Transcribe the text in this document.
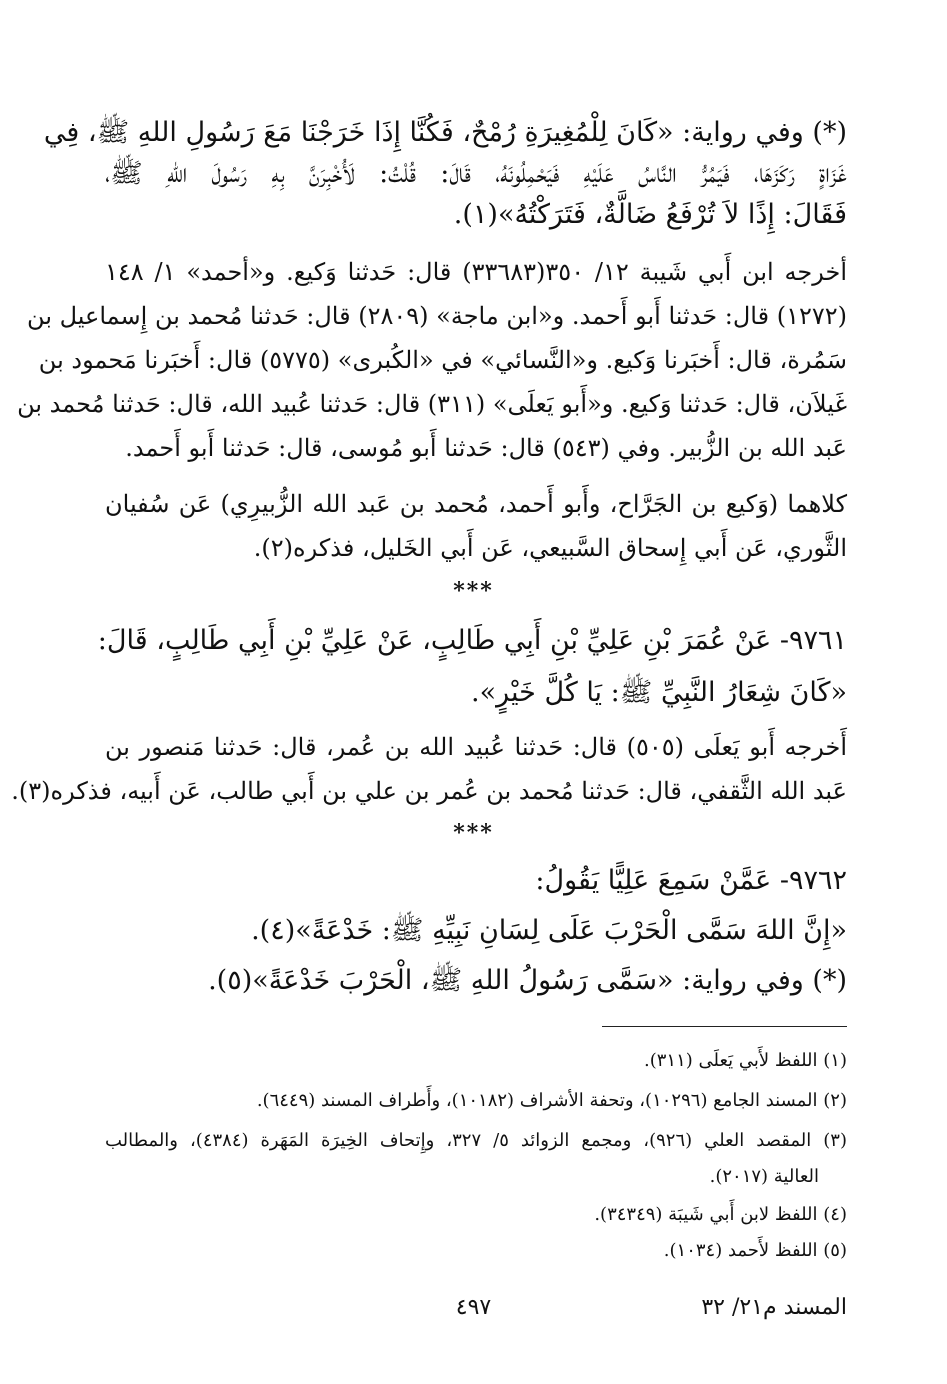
(*) وفي رواية: «كَانَ لِلْمُغِيرَةِ رُمْحٌ، فَكُنَّا إِذَا خَرَجْنَا مَعَ رَسُولِ اللهِ ﷺ، فِي
غَزَاةٍ رَكَزَهَا، فَيَمُرُّ النَّاسُ عَلَيْهِ فَيَحْمِلُونَهُ، قَالَ: قُلْتُ: لَأُخْبِرَنَّ بِهِ رَسُولَ اللهِ ﷺ،
فَقَالَ: إِذًا لاَ تُرْفَعُ ضَالَّةٌ، فَتَرَكْتُهُ»(١).
أخرجه ابن أَبي شَيبة ١٢/ ٣٥٠(٣٣٦٨٣) قال: حَدثنا وَكيع. و«أحمد» ١/ ١٤٨
(١٢٧٢) قال: حَدثنا أَبو أَحمد. و«ابن ماجة» (٢٨٠٩) قال: حَدثنا مُحمد بن إِسماعيل بن
سَمُرة، قال: أَخبَرنا وَكيع. و«النَّسائي» في «الكُبرى» (٥٧٧٥) قال: أَخبَرنا مَحمود بن
غَيلاَن، قال: حَدثنا وَكيع. و«أَبو يَعلَى» (٣١١) قال: حَدثنا عُبيد الله، قال: حَدثنا مُحمد بن
عَبد الله بن الزُّبير. وفي (٥٤٣) قال: حَدثنا أَبو مُوسى، قال: حَدثنا أَبو أَحمد.
كلاهما (وَكيع بن الجَرَّاح، وأَبو أَحمد، مُحمد بن عَبد الله الزُّبيرِي) عَن سُفيان
الثَّوري، عَن أَبي إِسحاق السَّبيعي، عَن أَبي الخَليل، فذكره(٢).
***
٩٧٦١- عَنْ عُمَرَ بْنِ عَلِيِّ بْنِ أَبِي طَالِبٍ، عَنْ عَلِيِّ بْنِ أَبِي طَالِبٍ، قَالَ:
«كَانَ شِعَارُ النَّبِيِّ ﷺ: يَا كُلَّ خَيْرٍ».
أَخرجه أَبو يَعلَى (٥٠٥) قال: حَدثنا عُبيد الله بن عُمر، قال: حَدثنا مَنصور بن
عَبد الله الثَّقفي، قال: حَدثنا مُحمد بن عُمر بن علي بن أَبي طالب، عَن أَبيه، فذكره(٣).
***
٩٧٦٢- عَمَّنْ سَمِعَ عَلِيًّا يَقُولُ:
«إِنَّ اللهَ سَمَّى الْحَرْبَ عَلَى لِسَانِ نَبِيِّهِ ﷺ: خَدْعَةً»(٤).
(*) وفي رواية: «سَمَّى رَسُولُ اللهِ ﷺ، الْحَرْبَ خَدْعَةً»(٥).
(١) اللفظ لأَبي يَعلَى (٣١١).
(٢) المسند الجامع (١٠٢٩٦)، وتحفة الأشراف (١٠١٨٢)، وأَطراف المسند (٦٤٤٩).
(٣) المقصد العلي (٩٢٦)، ومجمع الزوائد ٥/ ٣٢٧، وإِتحاف الخِيرَة المَهَرة (٤٣٨٤)، والمطالب
العالية (٢٠١٧).
(٤) اللفظ لابن أَبي شَيبَة (٣٤٣٤٩).
(٥) اللفظ لأَحمد (١٠٣٤).
المسند م٢١/ ٣٢
٤٩٧
